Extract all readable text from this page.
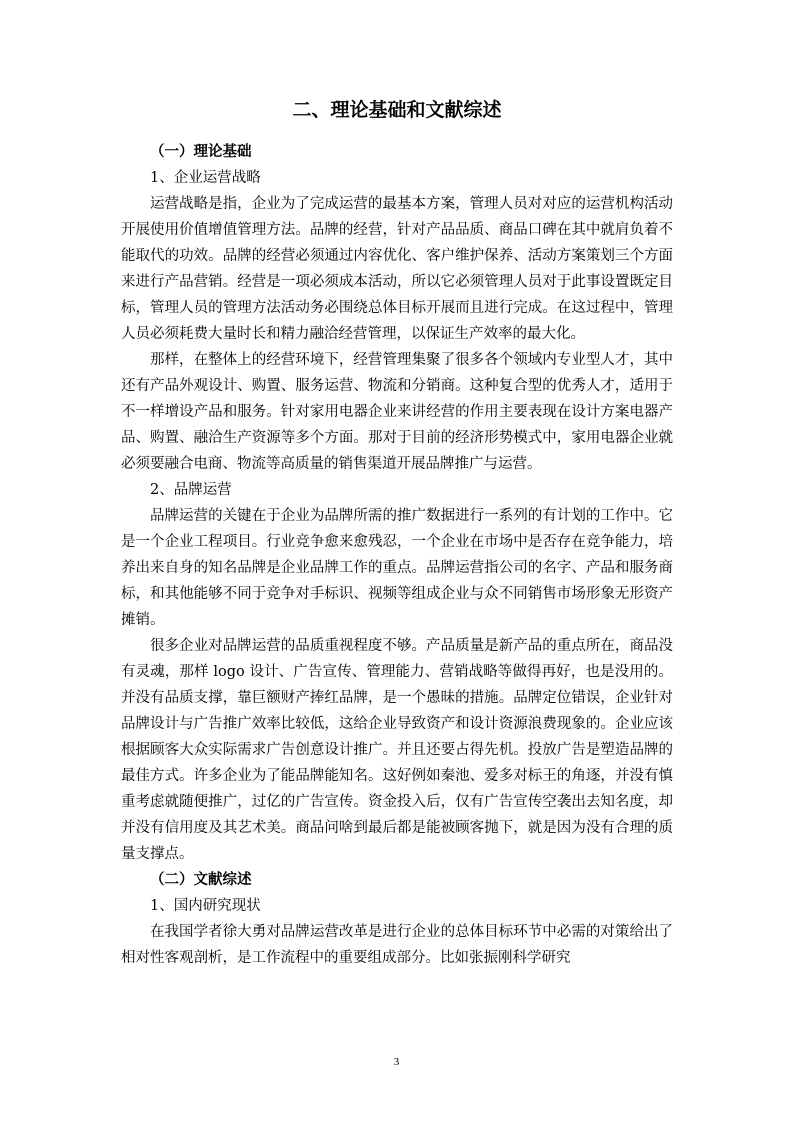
二、理论基础和文献综述
（一）理论基础
1、企业运营战略

运营战略是指，企业为了完成运营的最基本方案，管理人员对对应的运营机构活动开展使用价值增值管理方法。品牌的经营，针对产品品质、商品口碑在其中就肩负着不能取代的功效。品牌的经营必须通过内容优化、客户维护保养、活动方案策划三个方面来进行产品营销。经营是一项必须成本活动，所以它必须管理人员对于此事设置既定目标，管理人员的管理方法活动务必围绕总体目标开展而且进行完成。在这过程中，管理人员必须耗费大量时长和精力融洽经营管理，以保证生产效率的最大化。

那样，在整体上的经营环境下，经营管理集聚了很多各个领域内专业型人才，其中还有产品外观设计、购置、服务运营、物流和分销商。这种复合型的优秀人才，适用于不一样增设产品和服务。针对家用电器企业来讲经营的作用主要表现在设计方案电器产品、购置、融洽生产资源等多个方面。那对于目前的经济形势模式中，家用电器企业就必须要融合电商、物流等高质量的销售渠道开展品牌推广与运营。

2、品牌运营

品牌运营的关键在于企业为品牌所需的推广数据进行一系列的有计划的工作中。它是一个企业工程项目。行业竞争愈来愈残忍，一个企业在市场中是否存在竞争能力，培养出来自身的知名品牌是企业品牌工作的重点。品牌运营指公司的名字、产品和服务商标，和其他能够不同于竞争对手标识、视频等组成企业与众不同销售市场形象无形资产摊销。

很多企业对品牌运营的品质重视程度不够。产品质量是新产品的重点所在，商品没有灵魂，那样 logo 设计、广告宣传、管理能力、营销战略等做得再好，也是没用的。并没有品质支撑，靠巨额财产捧红品牌，是一个愚昧的措施。品牌定位错误，企业针对品牌设计与广告推广效率比较低，这给企业导致资产和设计资源浪费现象的。企业应该根据顾客大众实际需求广告创意设计推广。并且还要占得先机。投放广告是塑造品牌的最佳方式。许多企业为了能品牌能知名。这好例如秦池、爱多对标王的角逐，并没有慎重考虑就随便推广，过亿的广告宣传。资金投入后，仅有广告宣传空袭出去知名度，却并没有信用度及其艺术美。商品问啥到最后都是能被顾客抛下，就是因为没有合理的质量支撑点。

（二）文献综述
1、国内研究现状

在我国学者徐大勇对品牌运营改革是进行企业的总体目标环节中必需的对策给出了相对性客观剖析，是工作流程中的重要组成部分。比如张振刚科学研究

3
